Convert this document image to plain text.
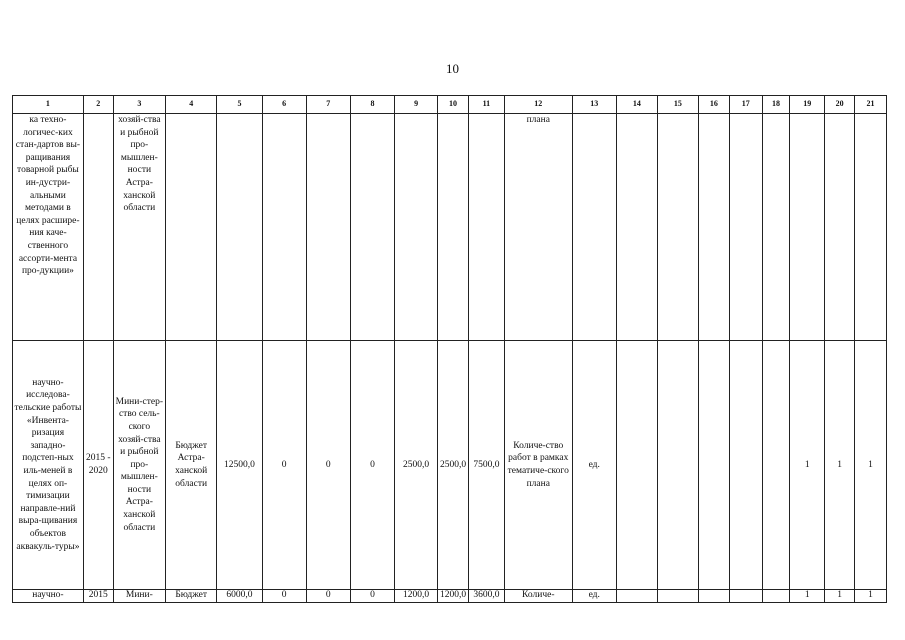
10
1	2	3	4	5	6	7	8	9	10	11	12	13	14	15	16	17	18	19	20	21
ка техно-логичес-ких стан-дартов вы-ращивания товарной рыбы ин-дустри-альными методами в целях расшире-ния каче-ственного ассорти-мента про-дукции»		хозяй-ства и рыбной про-мышлен-ности Астра-ханской области									плана									
научно-исследова-тельские работы «Инвента-ризация западно-подстеп-ных иль-меней в целях оп-тимизации направле-ний выра-щивания объектов аквакуль-туры»	2015 - 2020	Мини-стер-ство сель-ского хозяй-ства и рыбной про-мышлен-ности Астра-ханской области	Бюджет Астра-ханской области	12500,0	0	0	0	2500,0	2500,0	7500,0	Количе-ство работ в рамках тематиче-ского плана	ед.						1	1	1
научно-	2015	Мини-	Бюджет	6000,0	0	0	0	1200,0	1200,0	3600,0	Количе-	ед.						1	1	1
